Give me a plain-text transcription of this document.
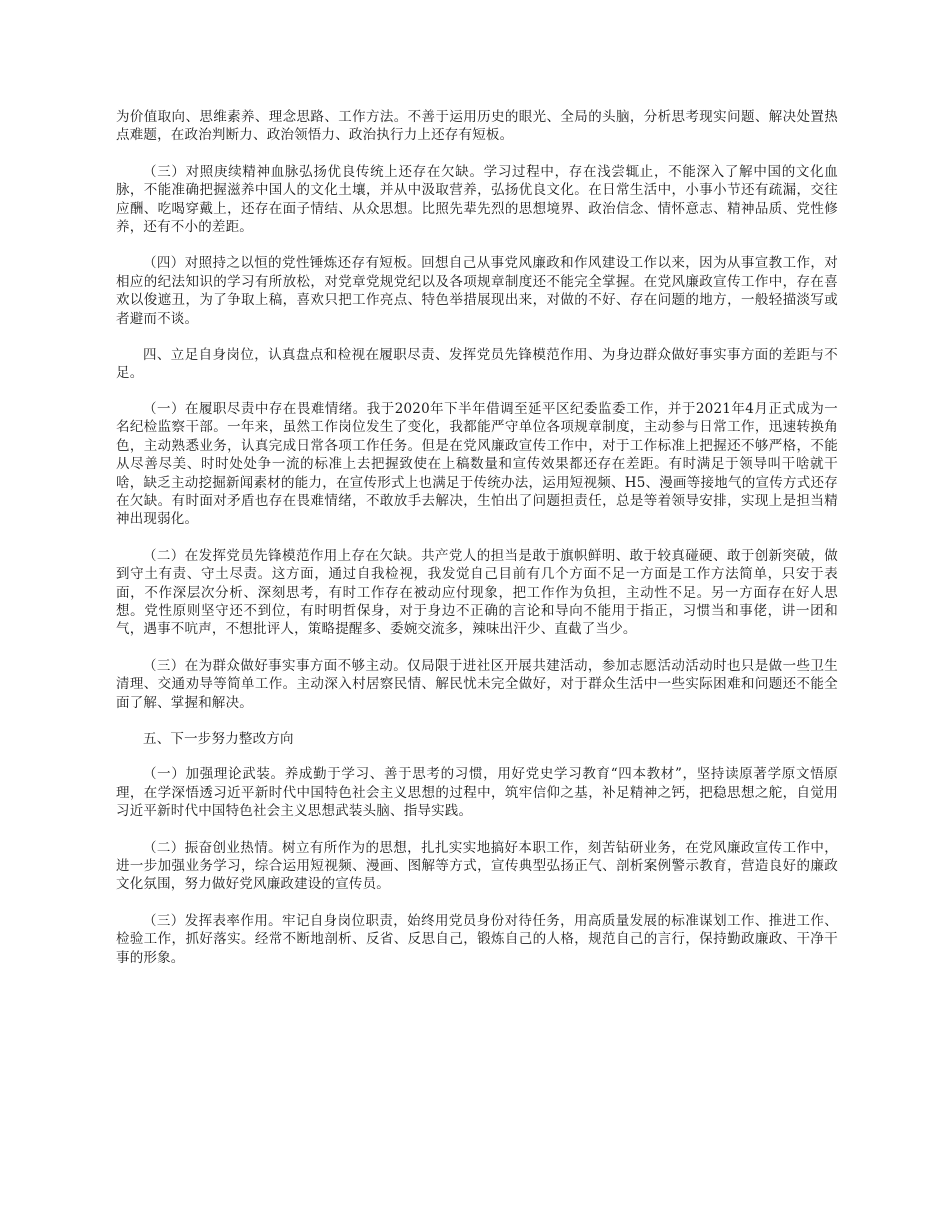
为价值取向、思维素养、理念思路、工作方法。不善于运用历史的眼光、全局的头脑，分析思考现实问题、解决处置热点难题，在政治判断力、政治领悟力、政治执行力上还存有短板。

（三）对照庚续精神血脉弘扬优良传统上还存在欠缺。学习过程中，存在浅尝辄止，不能深入了解中国的文化血脉，不能准确把握滋养中国人的文化土壤，并从中汲取营养，弘扬优良文化。在日常生活中，小事小节还有疏漏，交往应酬、吃喝穿戴上，还存在面子情结、从众思想。比照先辈先烈的思想境界、政治信念、情怀意志、精神品质、党性修养，还有不小的差距。

（四）对照持之以恒的党性锤炼还存有短板。回想自己从事党风廉政和作风建设工作以来，因为从事宣教工作，对相应的纪法知识的学习有所放松，对党章党规党纪以及各项规章制度还不能完全掌握。在党风廉政宣传工作中，存在喜欢以俊遮丑，为了争取上稿，喜欢只把工作亮点、特色举措展现出来，对做的不好、存在问题的地方，一般轻描淡写或者避而不谈。

四、立足自身岗位，认真盘点和检视在履职尽责、发挥党员先锋模范作用、为身边群众做好事实事方面的差距与不足。

（一）在履职尽责中存在畏难情绪。我于2020年下半年借调至延平区纪委监委工作，并于2021年4月正式成为一名纪检监察干部。一年来，虽然工作岗位发生了变化，我都能严守单位各项规章制度，主动参与日常工作，迅速转换角色，主动熟悉业务，认真完成日常各项工作任务。但是在党风廉政宣传工作中，对于工作标准上把握还不够严格，不能从尽善尽美、时时处处争一流的标准上去把握致使在上稿数量和宣传效果都还存在差距。有时满足于领导叫干啥就干啥，缺乏主动挖掘新闻素材的能力，在宣传形式上也满足于传统办法，运用短视频、H5、漫画等接地气的宣传方式还存在欠缺。有时面对矛盾也存在畏难情绪，不敢放手去解决，生怕出了问题担责任，总是等着领导安排，实现上是担当精神出现弱化。

（二）在发挥党员先锋模范作用上存在欠缺。共产党人的担当是敢于旗帜鲜明、敢于较真碰硬、敢于创新突破，做到守土有责、守土尽责。这方面，通过自我检视，我发觉自己目前有几个方面不足一方面是工作方法简单，只安于表面，不作深层次分析、深刻思考，有时工作存在被动应付现象，把工作作为负担，主动性不足。另一方面存在好人思想。党性原则坚守还不到位，有时明哲保身，对于身边不正确的言论和导向不能用于指正，习惯当和事佬，讲一团和气，遇事不吭声，不想批评人，策略提醒多、委婉交流多，辣味出汗少、直截了当少。

（三）在为群众做好事实事方面不够主动。仅局限于进社区开展共建活动，参加志愿活动活动时也只是做一些卫生清理、交通劝导等简单工作。主动深入村居察民情、解民忧未完全做好，对于群众生活中一些实际困难和问题还不能全面了解、掌握和解决。

五、下一步努力整改方向

（一）加强理论武装。养成勤于学习、善于思考的习惯，用好党史学习教育“四本教材”，坚持读原著学原文悟原理，在学深悟透习近平新时代中国特色社会主义思想的过程中，筑牢信仰之基，补足精神之钙，把稳思想之舵，自觉用习近平新时代中国特色社会主义思想武装头脑、指导实践。

（二）振奋创业热情。树立有所作为的思想，扎扎实实地搞好本职工作，刻苦钻研业务，在党风廉政宣传工作中，进一步加强业务学习，综合运用短视频、漫画、图解等方式，宣传典型弘扬正气、剖析案例警示教育，营造良好的廉政文化氛围，努力做好党风廉政建设的宣传员。

（三）发挥表率作用。牢记自身岗位职责，始终用党员身份对待任务，用高质量发展的标准谋划工作、推进工作、检验工作，抓好落实。经常不断地剖析、反省、反思自己，锻炼自己的人格，规范自己的言行，保持勤政廉政、干净干事的形象。
